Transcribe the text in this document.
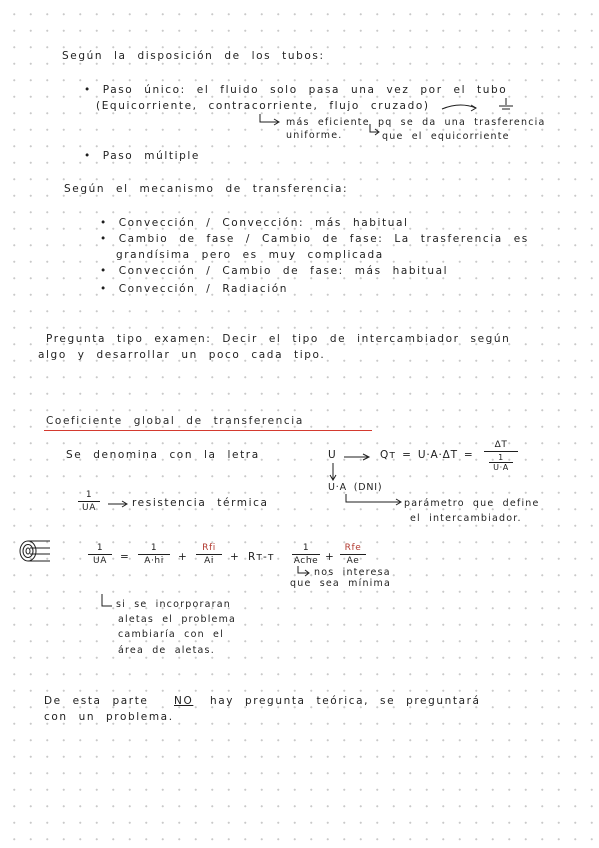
Según la disposición de los tubos:
• Paso único: el fluido solo pasa una vez por el tubo
(Equicorriente, contracorriente, flujo cruzado)
más eficiente pq se da una trasferencia
uniforme.	que el equicorriente
• Paso múltiple
Según el mecanismo de transferencia:
• Convección / Convección: más habitual
• Cambio de fase / Cambio de fase: La trasferencia es
grandísima pero es muy complicada
• Convección / Cambio de fase: más habitual
• Convección / Radiación
Pregunta tipo examen: Decir el tipo de intercambiador según
algo y desarrollar un poco cada tipo.
Coeficiente global de transferencia
Se denomina con la letra	U	Qт = U·A·ΔT =
ΔT
1
U·A
U·A (DNI)
parámetro que define
el intercambiador.
1
UA	resistencia térmica
1
UA	=
1
A·hi	+
Rfi
Ai	+ Rт-т
1
Ache +
Rfe
Ae
nos interesa
que sea mínima
si se incorporaran
aletas el problema
cambiaría con el
área de aletas.
De esta parte NO hay pregunta teórica, se preguntará
con un problema.
